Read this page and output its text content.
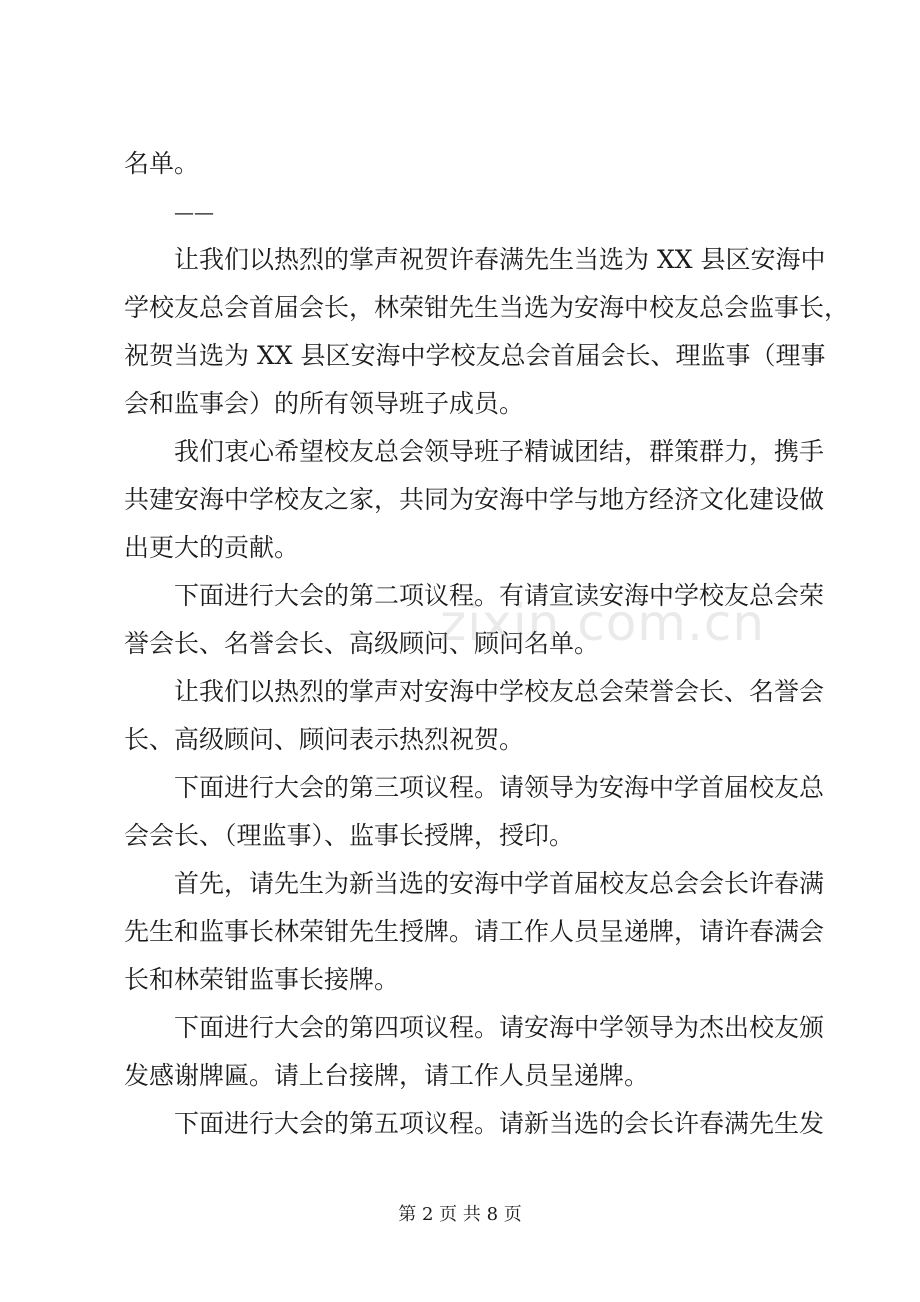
名单。
——
让我们以热烈的掌声祝贺许春满先生当选为 XX 县区安海中
学校友总会首届会长，林荣钳先生当选为安海中校友总会监事长，
祝贺当选为 XX 县区安海中学校友总会首届会长、理监事（理事
会和监事会）的所有领导班子成员。
我们衷心希望校友总会领导班子精诚团结，群策群力，携手
共建安海中学校友之家，共同为安海中学与地方经济文化建设做
出更大的贡献。
下面进行大会的第二项议程。有请宣读安海中学校友总会荣
誉会长、名誉会长、高级顾问、顾问名单。
让我们以热烈的掌声对安海中学校友总会荣誉会长、名誉会
长、高级顾问、顾问表示热烈祝贺。
下面进行大会的第三项议程。请领导为安海中学首届校友总
会会长、（理监事）、监事长授牌，授印。
首先，请先生为新当选的安海中学首届校友总会会长许春满
先生和监事长林荣钳先生授牌。请工作人员呈递牌，请许春满会
长和林荣钳监事长接牌。
下面进行大会的第四项议程。请安海中学领导为杰出校友颁
发感谢牌匾。请上台接牌，请工作人员呈递牌。
下面进行大会的第五项议程。请新当选的会长许春满先生发
zixin.com.cn
第 2 页 共 8 页
